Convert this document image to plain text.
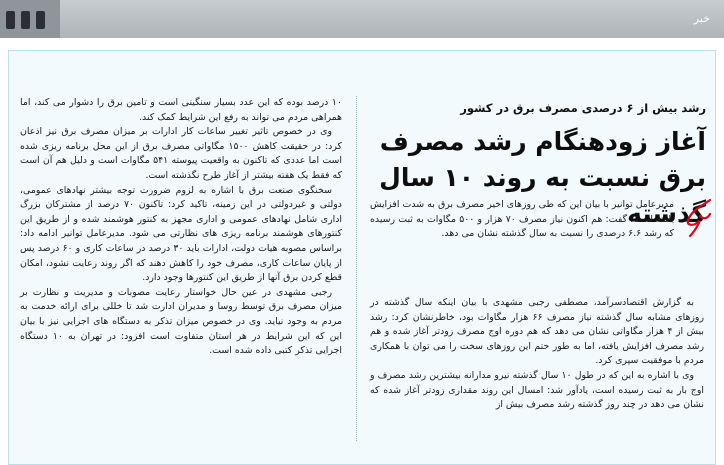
خبر
رشد بیش از ۶ درصدی مصرف برق در کشور
آغاز زودهنگام رشد مصرف برق نسبت به روند ۱۰ سال گذشته

مدیرعامل توانیر با بیان این که طی روزهای اخیر مصرف برق به شدت افزایش یافته است، گفت: هم اکنون نیاز مصرف ۷۰ هزار و ۵۰۰ مگاوات به ثبت رسیده که رشد ۶.۶ درصدی را نسبت به سال گذشته نشان می دهد.

به گزارش اقتصادسرآمد، مصطفی رجبی مشهدی با بیان اینکه سال گذشته در روزهای مشابه سال گذشته نیاز مصرف ۶۶ هزار مگاوات بود، خاطرنشان کرد: رشد بیش از ۴ هزار مگاواتی نشان می دهد که هم دوره اوج مصرف زودتر آغاز شده و هم رشد مصرف افزایش یافته، اما به طور حتم این روزهای سخت را می توان با همکاری مردم با موفقیت سپری کرد.

وی با اشاره به این که در طول ۱۰ سال گذشته نیرو مدارانه بیشترین رشد مصرف و اوج بار به ثبت رسیده است، یادآور شد: امسال این روند مقداری زودتر آغاز شده که نشان می دهد در چند روز گذشته رشد مصرف بیش از

۱۰ درصد بوده که این عدد بسیار سنگینی است و تامین برق را دشوار می کند، اما همراهی مردم می تواند به رفع این شرایط کمک کند.

وی در خصوص تاثیر تغییر ساعات کار ادارات بر میزان مصرف برق نیز اذعان کرد: در حقیقت کاهش ۱۵۰۰ مگاواتی مصرف برق از این محل برنامه ریزی شده است اما عددی که تاکنون به واقعیت پیوسته ۵۴۱ مگاوات است و دلیل هم آن است که فقط یک هفته بیشتر از آغاز طرح نگذشته است.

سخنگوی صنعت برق با اشاره به لزوم ضرورت توجه بیشتر نهادهای عمومی، دولتی و غیردولتی در این زمینه، تاکید کرد: تاکنون ۷۰ درصد از مشترکان بزرگ اداری شامل نهادهای عمومی و اداری مجهز به کنتور هوشمند شده و از طریق این کنتورهای هوشمند برنامه ریزی های نظارتی می شود. مدیرعامل توانیر ادامه داد: براساس مصوبه هیات دولت، ادارات باید ۳۰ درصد در ساعات کاری و ۶۰ درصد پس از پایان ساعات کاری، مصرف خود را کاهش دهند که اگر روند رعایت نشود، امکان قطع کردن برق آنها از طریق این کنتورها وجود دارد.

رجبی مشهدی در عین حال خواستار رعایت مصوبات و مدیریت و نظارت بر میزان مصرف برق توسط روسا و مدیران ادارت شد تا خللی برای ارائه خدمت به مردم به وجود نیاید. وی در خصوص میزان تذکر به دستگاه های اجرایی نیز با بیان این که این شرایط در هر استان متفاوت است افزود: در تهران به ۱۰ دستگاه اجرایی تذکر کتبی داده شده است.
